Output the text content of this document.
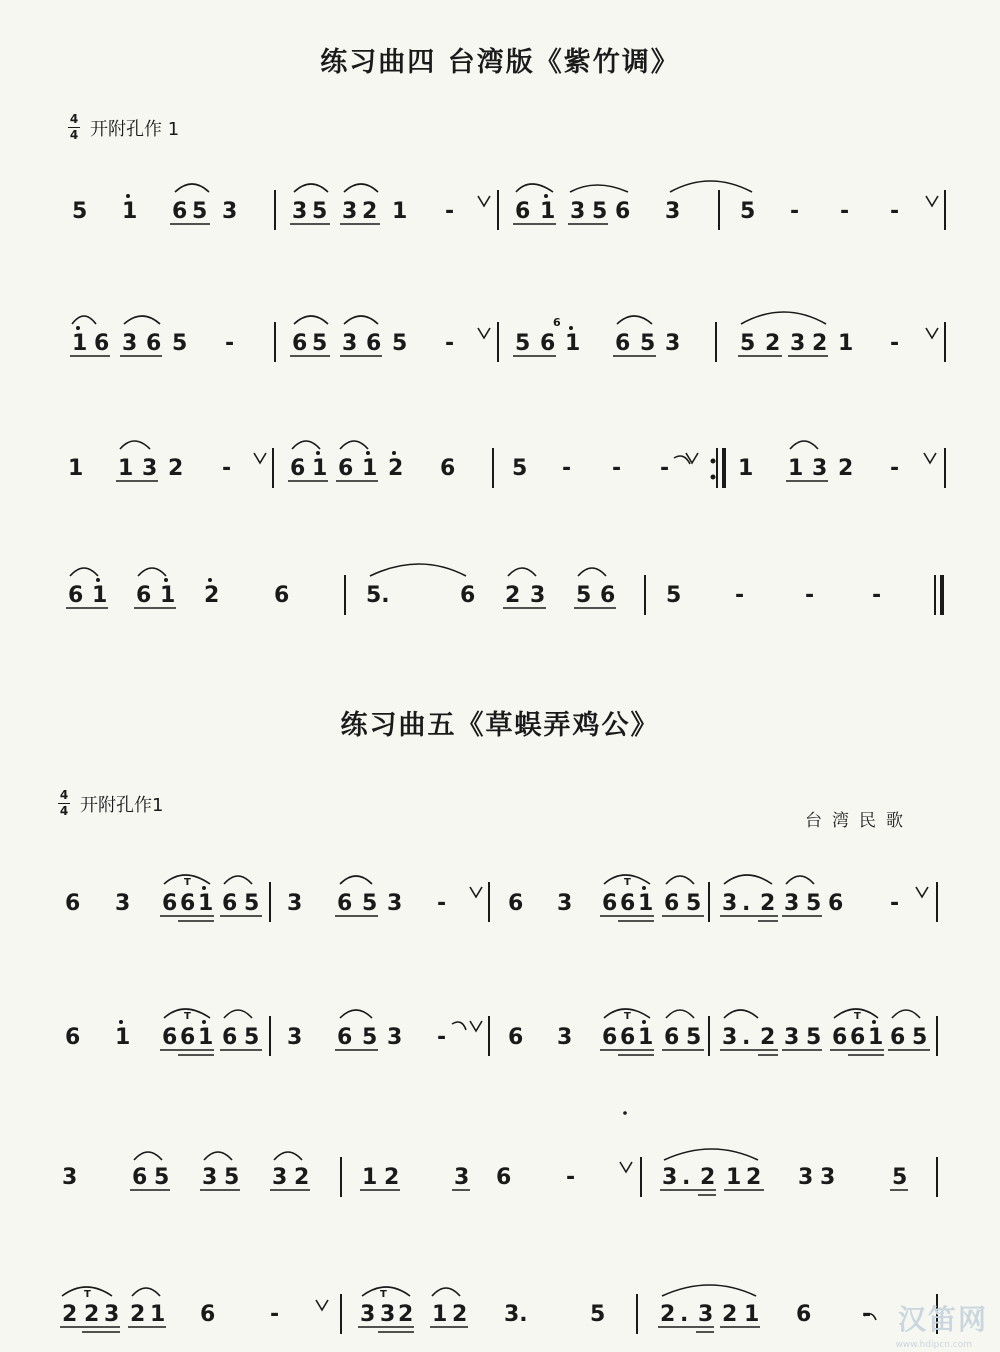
练习曲四 台湾版《紫竹调》
$\frac{4}{4}$ 开附孔作 1
练习曲五《草蜈弄鸡公》
$\frac{4}{4}$ 开附孔作1
台湾民歌
5 1 6 5 3 3 5 3 2 1 -	6 1 3 5 6 3	5 - - -
1 6 3 6 5 -	6 5 3 6 5 -	5 6 1 6 5 3	5 2 3 2 1 -
1 1 3 2 -	6 1 6 1 2 6	5 - - -	1 1 3 2 -
6 1 6 1 2 6	5.	6 2 3 5 6 5 -	-	-
6 3 6 6 1 6 5 3 6 5 3 -	6 3 6 6 1 6 5 3 . 2 3 5 6 -
6 1 6 6 1 6 5 3 6 5 3 -	6 3 6 6 1 6 5 3 . 2 3 5 6 6 1 6 5
3 6 5 3 5 3 2 1 2 3 6 -	3 . 2 1 2 3 3	5
2 2 3 2 1 6 -	3 3 2 1 2 3.	5 2 . 3 2 1 6 -
T	T
T	T	T
T
T
6
汉笛网
www.hdipcn.com
